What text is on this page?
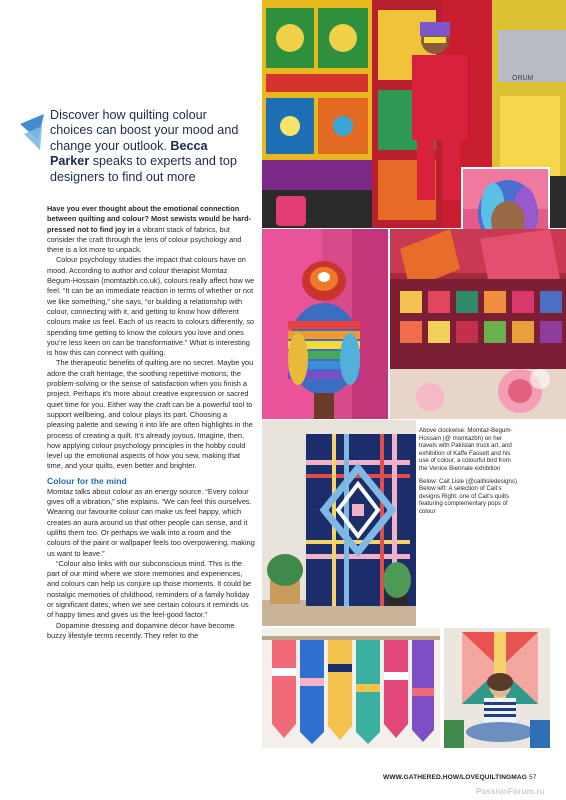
ORUM
Discover how quilting colour choices can boost your mood and change your outlook. Becca Parker speaks to experts and top designers to find out more

Have you ever thought about the emotional connection between quilting and colour? Most sewists would be hard-pressed not to find joy in a vibrant stack of fabrics, but consider the craft through the lens of colour psychology and there is a lot more to unpack.

Colour psychology studies the impact that colours have on mood. According to author and colour therapist Momtaz Begum-Hossain (momtazbh.co.uk), colours really affect how we feel. “It can be an immediate reaction in terms of whether or not we like something,” she says, “or building a relationship with colour, connecting with it, and getting to know how different colours make us feel. Each of us reacts to colours differently, so spending time getting to know the colours you love and ones you’re less keen on can be transformative.” What is interesting is how this can connect with quilting.

The therapeutic benefits of quilting are no secret. Maybe you adore the craft heritage, the soothing repetitive motions, the problem-solving or the sense of satisfaction when you finish a project. Perhaps it’s more about creative expression or sacred quiet time for you. Either way the craft can be a powerful tool to support wellbeing, and colour plays its part. Choosing a pleasing palette and sewing it into life are often highlights in the process of creating a quilt. It’s already joyous. Imagine, then, how applying colour psychology principles in the hobby could level up the emotional aspects of how you sew, making that time, and your quilts, even better and brighter.

Colour for the mind

Momtaz talks about colour as an energy source. “Every colour gives off a vibration,” she explains. “We can feel this ourselves. Wearing our favourite colour can make us feel happy, which creates an aura around us that other people can sense, and it uplifts them too. Or perhaps we walk into a room and the colours of the paint or wallpaper feels too overpowering, making us want to leave.”

“Colour also links with our subconscious mind. This is the part of our mind where we store memories and experiences, and colours can help us conjure up those moments. It could be nostalgic memories of childhood, reminders of a family holiday or significant dates; when we see certain colours it reminds us of happy times and gives us the feel-good factor.”

Dopamine dressing and dopamine décor have become buzzy lifestyle terms recently. They refer to the

Above clockwise: Momtaz-Begum-Hossain (@ momtazbh) on her travels with Pakistan truck art, and exhibition of Kaffe Fassett and his use of colour, a colourful bird from the Venice Biennale exhibition

Below: Cait Lisle (@caitlisledesigns) Below left: A selection of Cait’s designs Right: one of Cait’s quilts featuring complementary pops of colour

WWW.GATHERED.HOW/LOVEQUILTINGMAG 57
PassionForum.ru
